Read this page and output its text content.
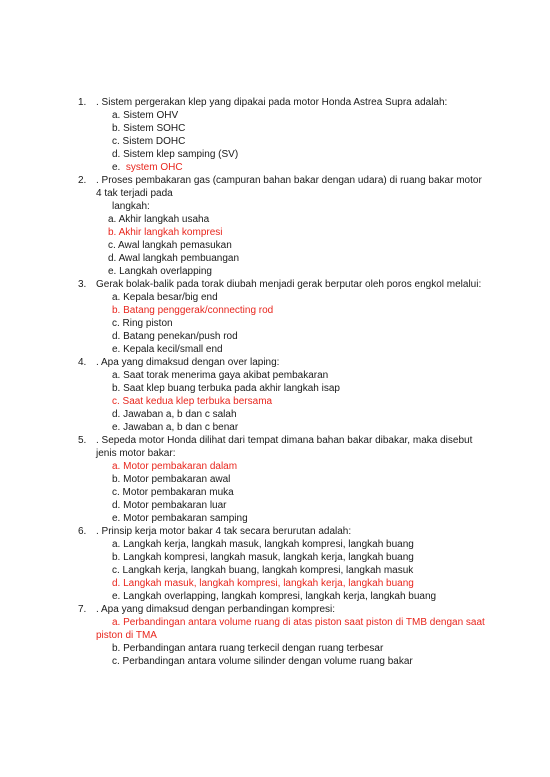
1. . Sistem pergerakan klep yang dipakai pada motor Honda Astrea Supra adalah:
a. Sistem OHV
b. Sistem SOHC
c. Sistem DOHC
d. Sistem klep samping (SV)
e. system OHC
2. . Proses pembakaran gas (campuran bahan bakar dengan udara) di ruang bakar motor
4 tak terjadi pada
langkah:
a. Akhir langkah usaha
b. Akhir langkah kompresi
c. Awal langkah pemasukan
d. Awal langkah pembuangan
e. Langkah overlapping
3. Gerak bolak-balik pada torak diubah menjadi gerak berputar oleh poros engkol melalui:
a. Kepala besar/big end
b. Batang penggerak/connecting rod
c. Ring piston
d. Batang penekan/push rod
e. Kepala kecil/small end
4. . Apa yang dimaksud dengan over laping:
a. Saat torak menerima gaya akibat pembakaran
b. Saat klep buang terbuka pada akhir langkah isap
c. Saat kedua klep terbuka bersama
d. Jawaban a, b dan c salah
e. Jawaban a, b dan c benar
5. . Sepeda motor Honda dilihat dari tempat dimana bahan bakar dibakar, maka disebut
jenis motor bakar:
a. Motor pembakaran dalam
b. Motor pembakaran awal
c. Motor pembakaran muka
d. Motor pembakaran luar
e. Motor pembakaran samping
6. . Prinsip kerja motor bakar 4 tak secara berurutan adalah:
a. Langkah kerja, langkah masuk, langkah kompresi, langkah buang
b. Langkah kompresi, langkah masuk, langkah kerja, langkah buang
c. Langkah kerja, langkah buang, langkah kompresi, langkah masuk
d. Langkah masuk, langkah kompresi, langkah kerja, langkah buang
e. Langkah overlapping, langkah kompresi, langkah kerja, langkah buang
7. . Apa yang dimaksud dengan perbandingan kompresi:
a. Perbandingan antara volume ruang di atas piston saat piston di TMB dengan saat
piston di TMA
b. Perbandingan antara ruang terkecil dengan ruang terbesar
c. Perbandingan antara volume silinder dengan volume ruang bakar
